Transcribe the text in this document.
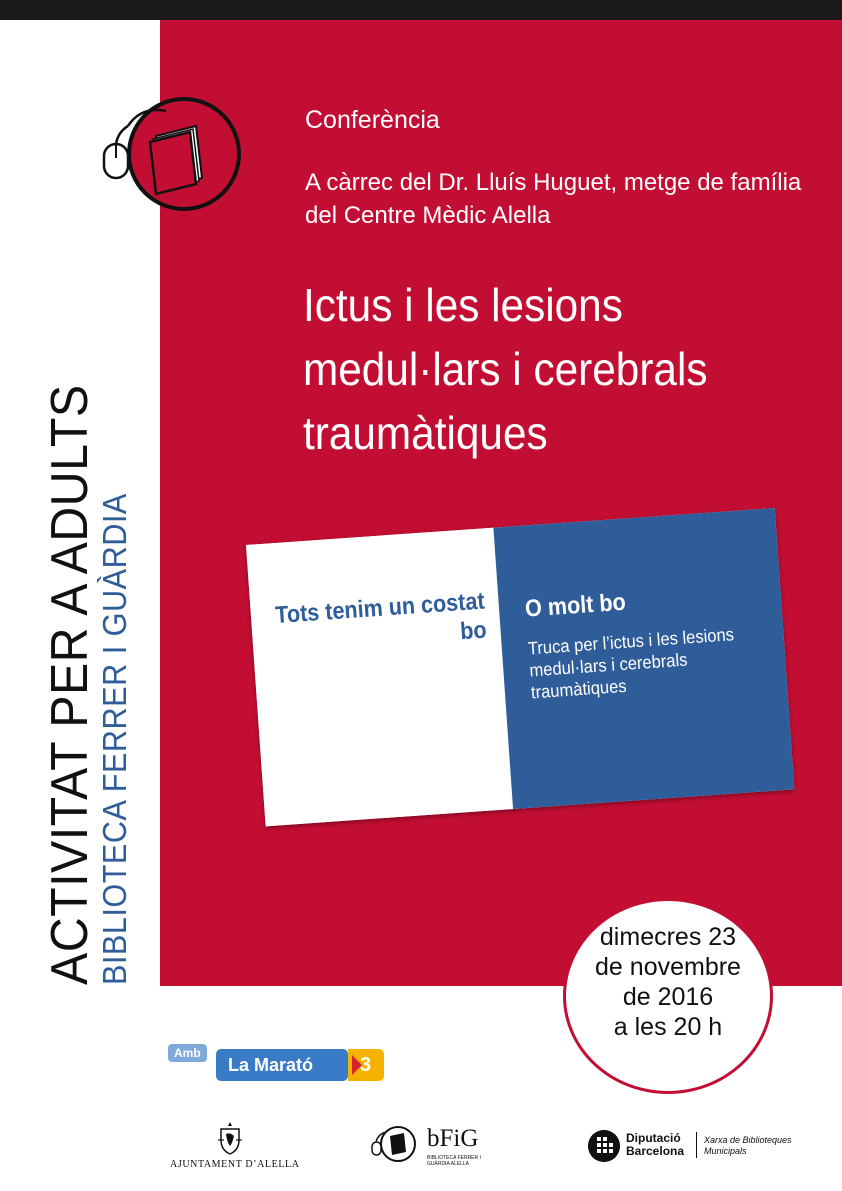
ACTIVITAT PER A ADULTS
BIBLIOTECA FERRER I GUÀRDIA
Conferència
A càrrec del Dr. Lluís Huguet, metge de família del Centre Mèdic Alella
Ictus i les lesions medul·lars i cerebrals traumàtiques
Tots tenim un costat bo
O molt bo
Truca per l’ictus i les lesions medul·lars i cerebrals traumàtiques
dimecres 23
de novembre
de 2016
a les 20 h
Amb
La Marató	3
AJUNTAMENT D’ALELLA
bFiG
BIBLIOTECA FERRER I GUÀRDIA ALELLA
Diputació
Barcelona
Xarxa de Biblioteques
Municipals
